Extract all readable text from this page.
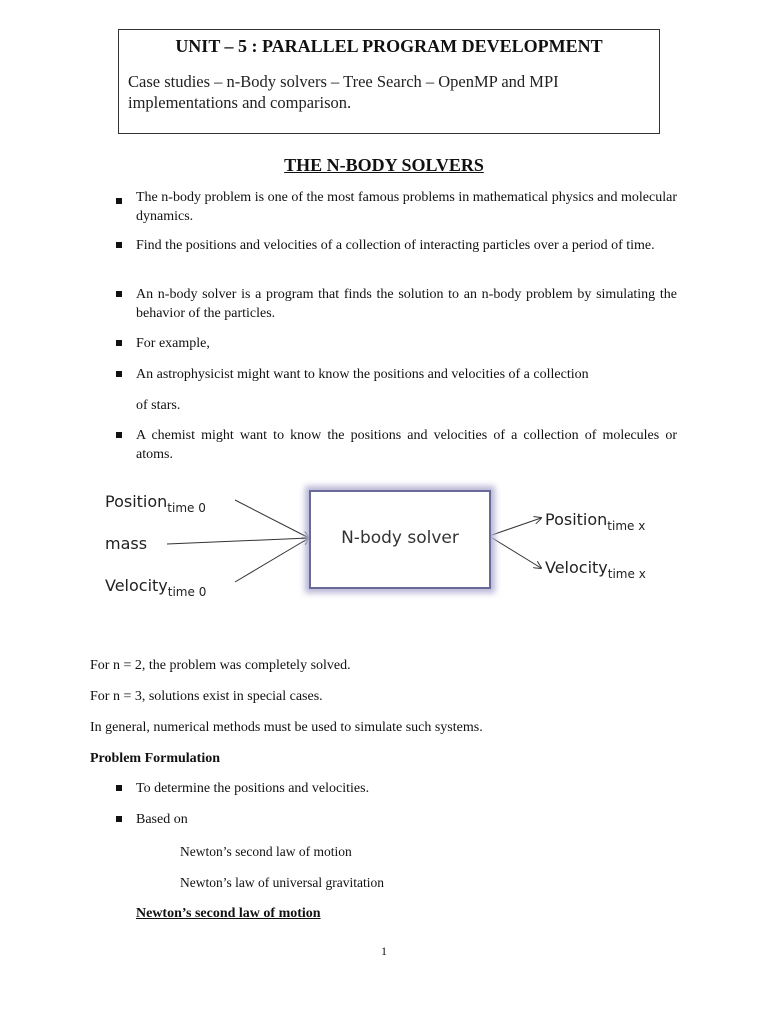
UNIT – 5 : PARALLEL PROGRAM DEVELOPMENT
Case studies – n-Body solvers – Tree Search – OpenMP and MPI implementations and comparison.
THE N-BODY SOLVERS
The n-body problem is one of the most famous problems in mathematical physics and molecular dynamics.
Find the positions and velocities of a collection of interacting particles over a period of time.
An n-body solver is a program that finds the solution to an n-body problem by simulating the behavior of the particles.
For example,
An astrophysicist might want to know the positions and velocities of a collection
of stars.
A chemist might want to know the positions and velocities of a collection of molecules or atoms.
Position$_{time 0}$
mass
Velocity$_{time 0}$
N-body solver
Position$_{time x}$
Velocity$_{time x}$
For n = 2, the problem was completely solved.
For n = 3, solutions exist in special cases.
In general, numerical methods must be used to simulate such systems.
Problem Formulation
To determine the positions and velocities.
Based on
Newton’s second law of motion
Newton’s law of universal gravitation
Newton’s second law of motion
1
